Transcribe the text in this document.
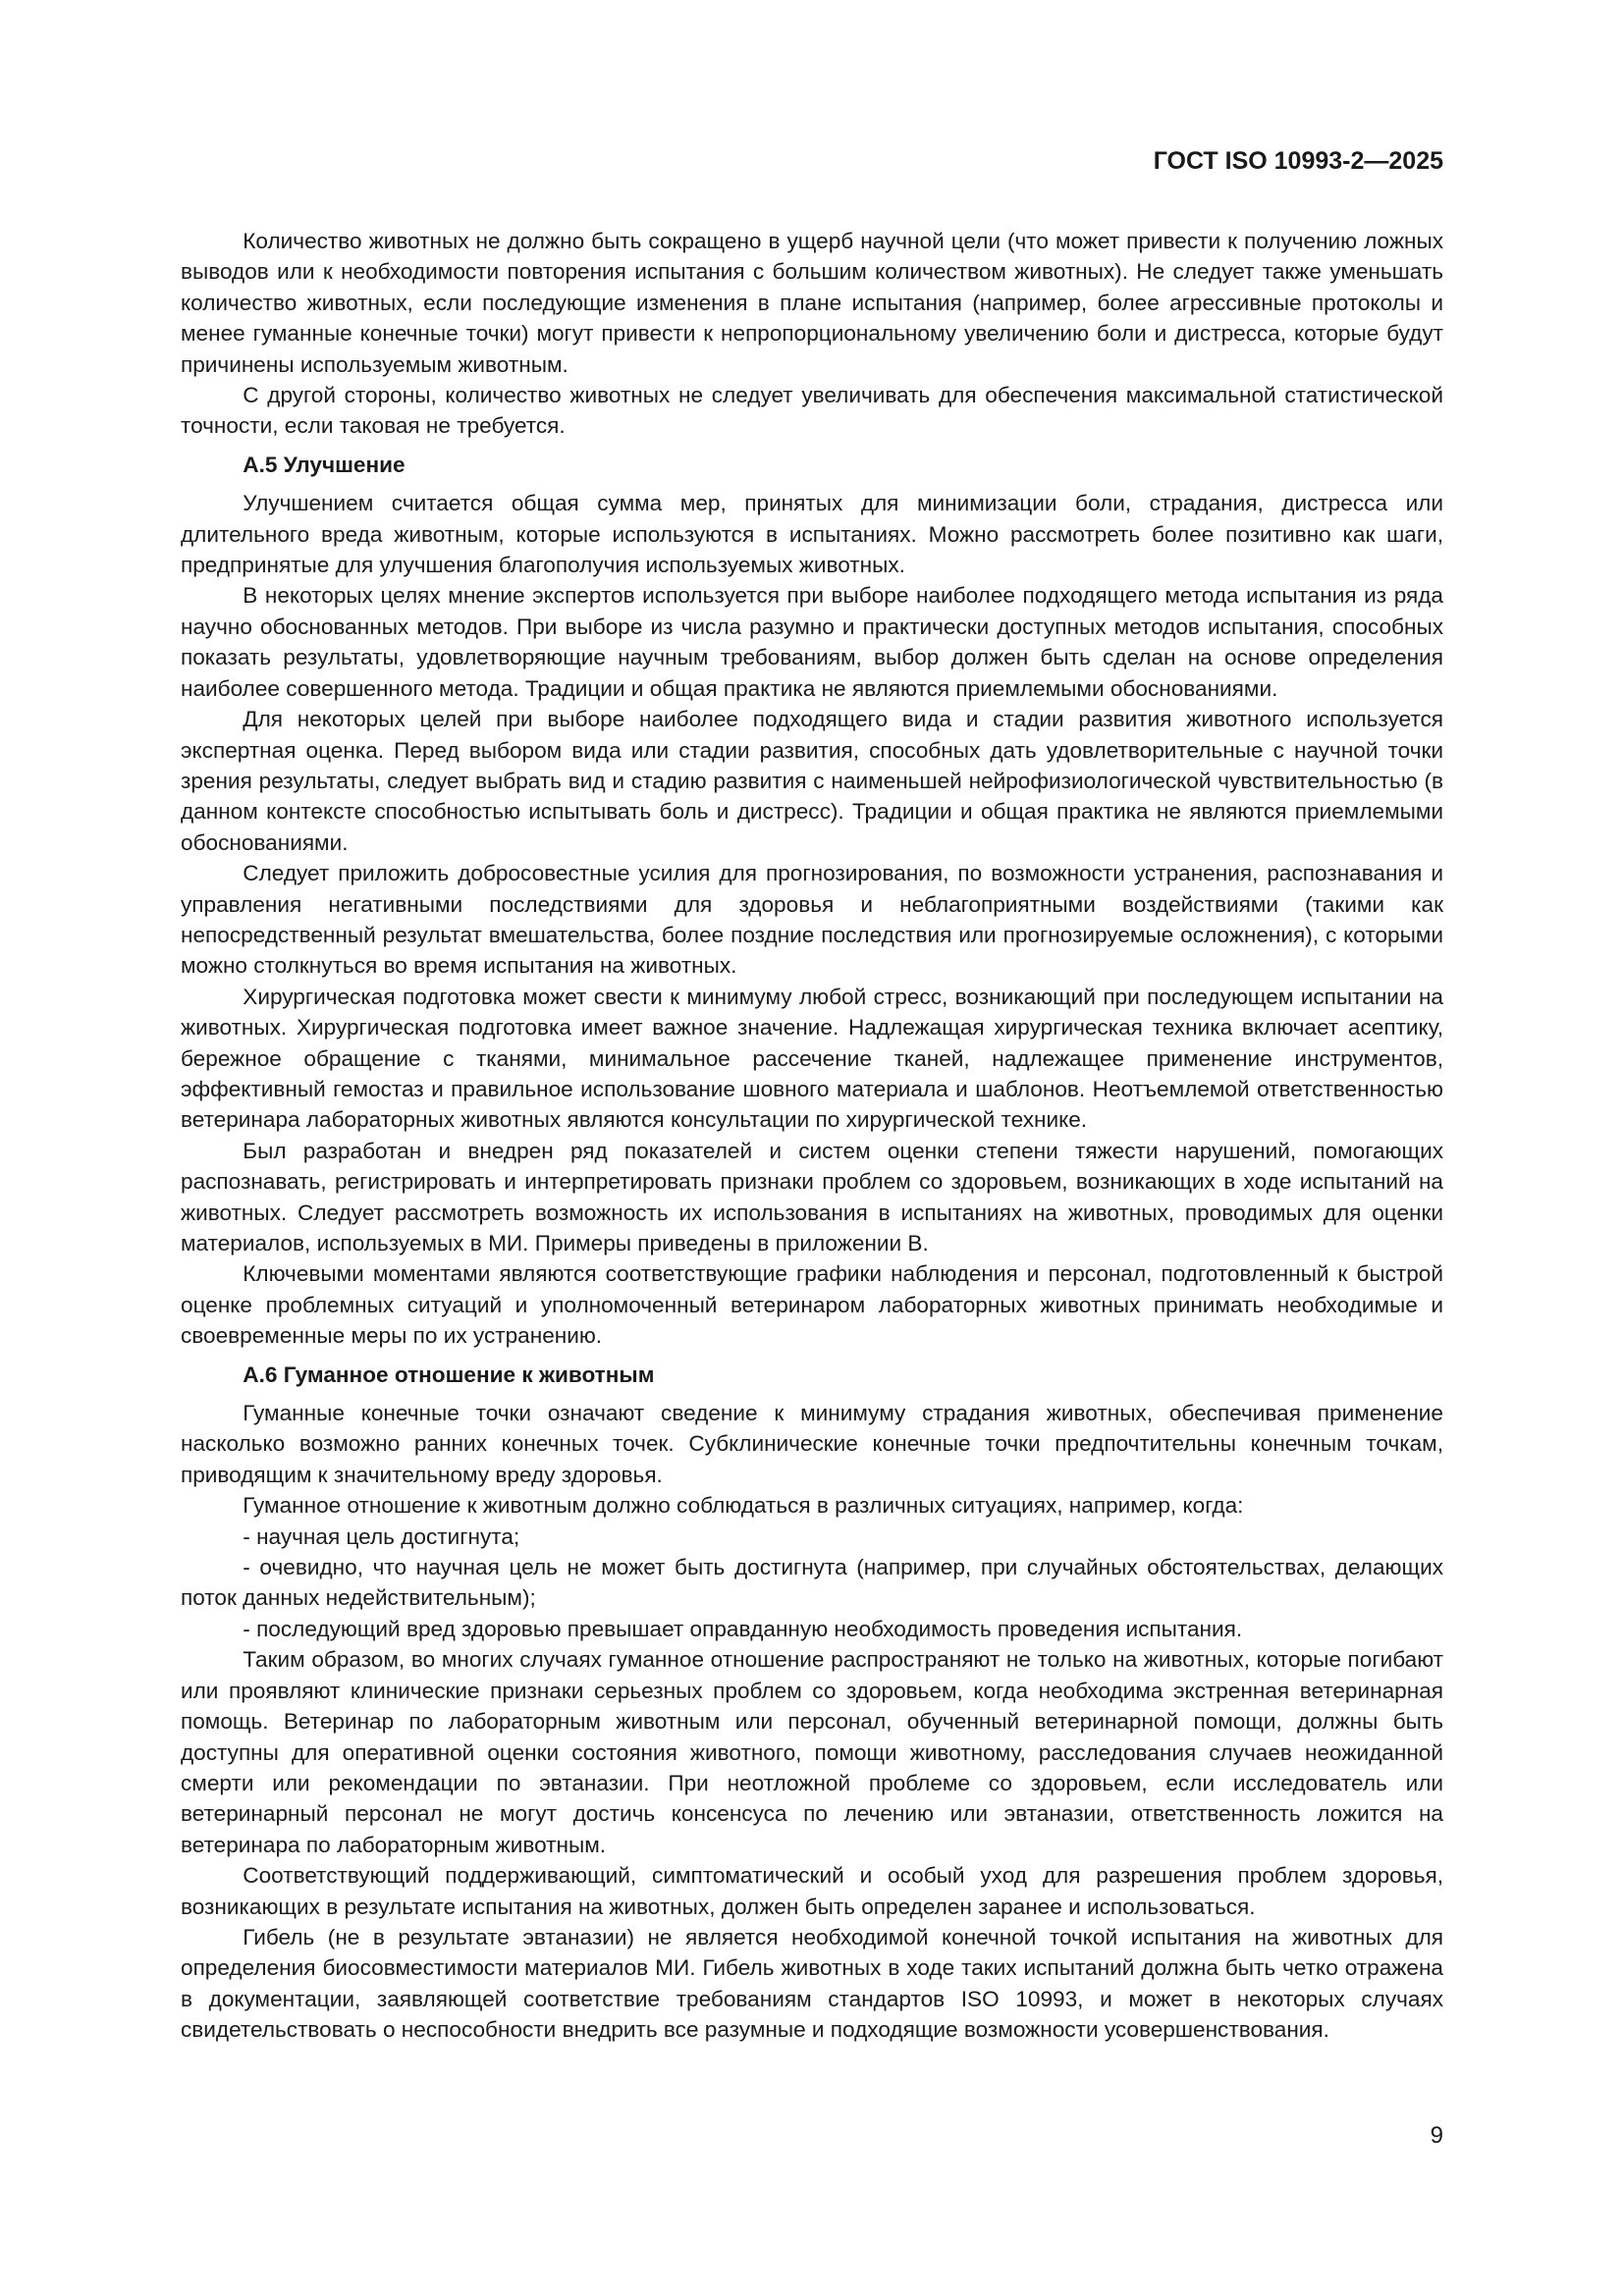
ГОСТ ISO 10993-2—2025

Количество животных не должно быть сокращено в ущерб научной цели (что может привести к получению ложных выводов или к необходимости повторения испытания с большим количеством животных). Не следует также уменьшать количество животных, если последующие изменения в плане испытания (например, более агрессивные протоколы и менее гуманные конечные точки) могут привести к непропорциональному увеличению боли и дистресса, которые будут причинены используемым животным.

С другой стороны, количество животных не следует увеличивать для обеспечения максимальной статистической точности, если таковая не требуется.

А.5 Улучшение

Улучшением считается общая сумма мер, принятых для минимизации боли, страдания, дистресса или длительного вреда животным, которые используются в испытаниях. Можно рассмотреть более позитивно как шаги, предпринятые для улучшения благополучия используемых животных.

В некоторых целях мнение экспертов используется при выборе наиболее подходящего метода испытания из ряда научно обоснованных методов. При выборе из числа разумно и практически доступных методов испытания, способных показать результаты, удовлетворяющие научным требованиям, выбор должен быть сделан на основе определения наиболее совершенного метода. Традиции и общая практика не являются приемлемыми обоснованиями.

Для некоторых целей при выборе наиболее подходящего вида и стадии развития животного используется экспертная оценка. Перед выбором вида или стадии развития, способных дать удовлетворительные с научной точки зрения результаты, следует выбрать вид и стадию развития с наименьшей нейрофизиологической чувствительностью (в данном контексте способностью испытывать боль и дистресс). Традиции и общая практика не являются приемлемыми обоснованиями.

Следует приложить добросовестные усилия для прогнозирования, по возможности устранения, распознавания и управления негативными последствиями для здоровья и неблагоприятными воздействиями (такими как непосредственный результат вмешательства, более поздние последствия или прогнозируемые осложнения), с которыми можно столкнуться во время испытания на животных.

Хирургическая подготовка может свести к минимуму любой стресс, возникающий при последующем испытании на животных. Хирургическая подготовка имеет важное значение. Надлежащая хирургическая техника включает асептику, бережное обращение с тканями, минимальное рассечение тканей, надлежащее применение инструментов, эффективный гемостаз и правильное использование шовного материала и шаблонов. Неотъемлемой ответственностью ветеринара лабораторных животных являются консультации по хирургической технике.

Был разработан и внедрен ряд показателей и систем оценки степени тяжести нарушений, помогающих распознавать, регистрировать и интерпретировать признаки проблем со здоровьем, возникающих в ходе испытаний на животных. Следует рассмотреть возможность их использования в испытаниях на животных, проводимых для оценки материалов, используемых в МИ. Примеры приведены в приложении В.

Ключевыми моментами являются соответствующие графики наблюдения и персонал, подготовленный к быстрой оценке проблемных ситуаций и уполномоченный ветеринаром лабораторных животных принимать необходимые и своевременные меры по их устранению.

А.6 Гуманное отношение к животным

Гуманные конечные точки означают сведение к минимуму страдания животных, обеспечивая применение насколько возможно ранних конечных точек. Субклинические конечные точки предпочтительны конечным точкам, приводящим к значительному вреду здоровья.

Гуманное отношение к животным должно соблюдаться в различных ситуациях, например, когда:

- научная цель достигнута;

- очевидно, что научная цель не может быть достигнута (например, при случайных обстоятельствах, делающих поток данных недействительным);

- последующий вред здоровью превышает оправданную необходимость проведения испытания.

Таким образом, во многих случаях гуманное отношение распространяют не только на животных, которые погибают или проявляют клинические признаки серьезных проблем со здоровьем, когда необходима экстренная ветеринарная помощь. Ветеринар по лабораторным животным или персонал, обученный ветеринарной помощи, должны быть доступны для оперативной оценки состояния животного, помощи животному, расследования случаев неожиданной смерти или рекомендации по эвтаназии. При неотложной проблеме со здоровьем, если исследователь или ветеринарный персонал не могут достичь консенсуса по лечению или эвтаназии, ответственность ложится на ветеринара по лабораторным животным.

Соответствующий поддерживающий, симптоматический и особый уход для разрешения проблем здоровья, возникающих в результате испытания на животных, должен быть определен заранее и использоваться.

Гибель (не в результате эвтаназии) не является необходимой конечной точкой испытания на животных для определения биосовместимости материалов МИ. Гибель животных в ходе таких испытаний должна быть четко отражена в документации, заявляющей соответствие требованиям стандартов ISO 10993, и может в некоторых случаях свидетельствовать о неспособности внедрить все разумные и подходящие возможности усовершенствования.

9
